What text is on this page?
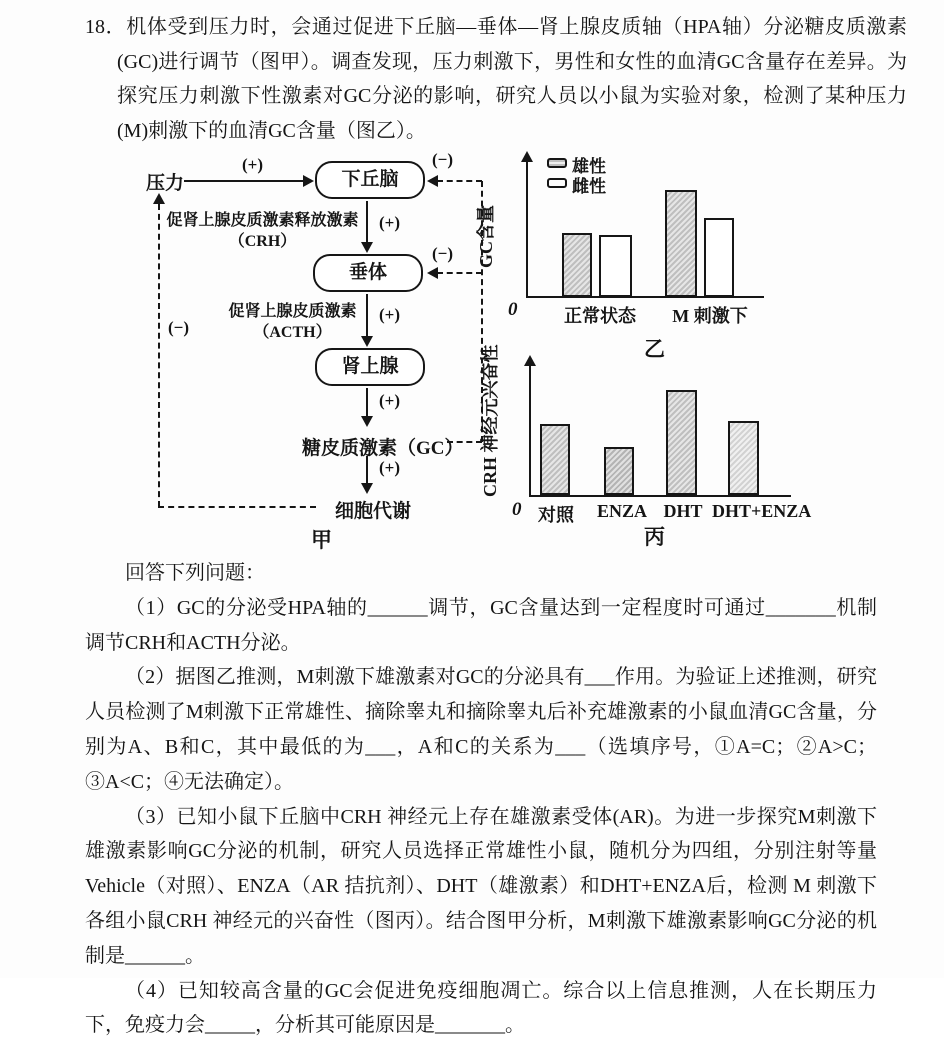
18．机体受到压力时，会通过促进下丘脑—垂体—肾上腺皮质轴（HPA轴）分泌糖皮质激素(GC)进行调节（图甲）。调查发现，压力刺激下，男性和女性的血清GC含量存在差异。为探究压力刺激下性激素对GC分泌的影响，研究人员以小鼠为实验对象，检测了某种压力(M)刺激下的血清GC含量（图乙）。

压力
(+)
下丘脑
(−)
(+)
促肾上腺皮质激素释放激素
（CRH）
垂体
(−)
(+)
促肾上腺皮质激素
（ACTH）
肾上腺
(+)
糖皮质激素（GC）
(+)
细胞代谢
(−)
甲
0
GC含量
雄性
雌性
正常状态	M 刺激下
乙
0
CRH 神经元兴奋性
对照 ENZA DHT DHT+ENZA
丙

回答下列问题：

（1）GC的分泌受HPA轴的______调节，GC含量达到一定程度时可通过_______机制调节CRH和ACTH分泌。

（2）据图乙推测，M刺激下雄激素对GC的分泌具有___作用。为验证上述推测，研究人员检测了M刺激下正常雄性、摘除睾丸和摘除睾丸后补充雄激素的小鼠血清GC含量，分别为A、B和C，其中最低的为___，A和C的关系为___（选填序号，①A=C；②A>C；③A<C；④无法确定）。

（3）已知小鼠下丘脑中CRH 神经元上存在雄激素受体(AR)。为进一步探究M刺激下雄激素影响GC分泌的机制，研究人员选择正常雄性小鼠，随机分为四组，分别注射等量 Vehicle（对照）、ENZA（AR 拮抗剂）、DHT（雄激素）和DHT+ENZA后，检测 M 刺激下各组小鼠CRH 神经元的兴奋性（图丙）。结合图甲分析，M刺激下雄激素影响GC分泌的机制是______。

（4）已知较高含量的GC会促进免疫细胞凋亡。综合以上信息推测，人在长期压力下，免疫力会_____，分析其可能原因是_______。
